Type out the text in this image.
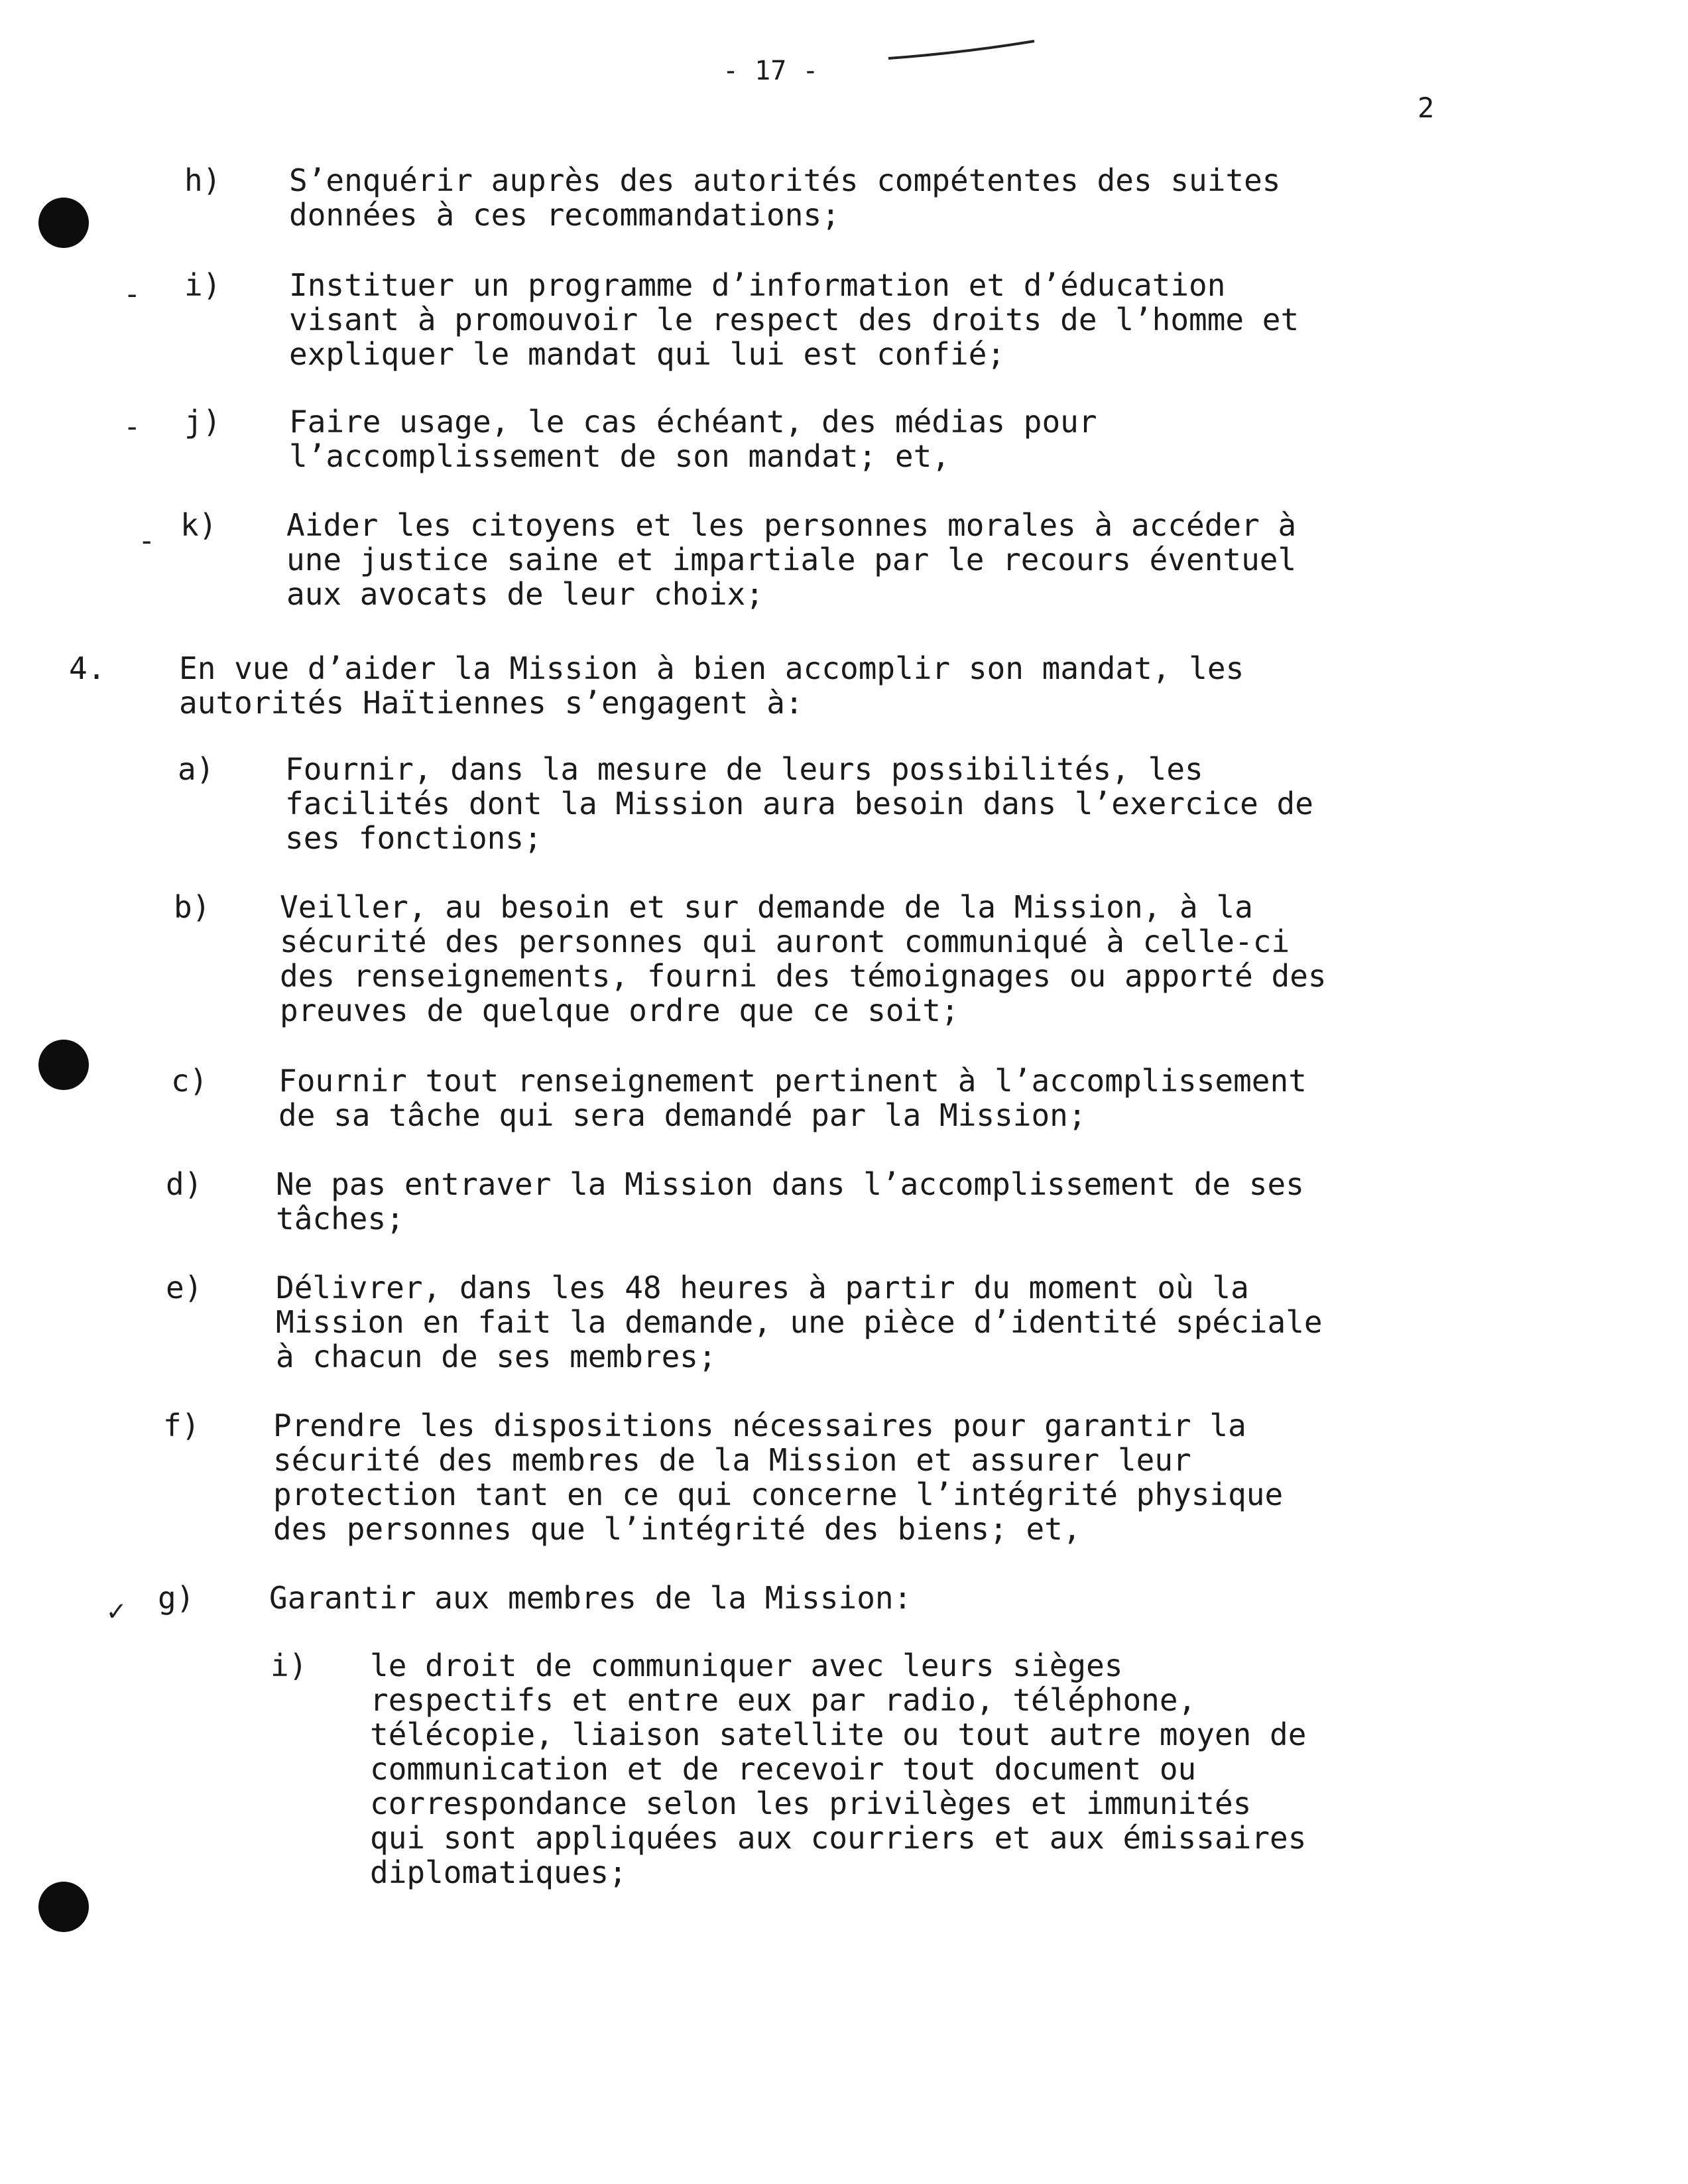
- 17 -
2
-
-
-
✓
h) S’enquérir auprès des autorités compétentes des suites
données à ces recommandations;
i) Instituer un programme d’information et d’éducation
visant à promouvoir le respect des droits de l’homme et
expliquer le mandat qui lui est confié;
j) Faire usage, le cas échéant, des médias pour
l’accomplissement de son mandat; et,
k) Aider les citoyens et les personnes morales à accéder à
une justice saine et impartiale par le recours éventuel
aux avocats de leur choix;
4. En vue d’aider la Mission à bien accomplir son mandat, les
autorités Haïtiennes s’engagent à:
a) Fournir, dans la mesure de leurs possibilités, les
facilités dont la Mission aura besoin dans l’exercice de
ses fonctions;
b) Veiller, au besoin et sur demande de la Mission, à la
sécurité des personnes qui auront communiqué à celle-ci
des renseignements, fourni des témoignages ou apporté des
preuves de quelque ordre que ce soit;
c) Fournir tout renseignement pertinent à l’accomplissement
de sa tâche qui sera demandé par la Mission;
d) Ne pas entraver la Mission dans l’accomplissement de ses
tâches;
e) Délivrer, dans les 48 heures à partir du moment où la
Mission en fait la demande, une pièce d’identité spéciale
à chacun de ses membres;
f) Prendre les dispositions nécessaires pour garantir la
sécurité des membres de la Mission et assurer leur
protection tant en ce qui concerne l’intégrité physique
des personnes que l’intégrité des biens; et,
g) Garantir aux membres de la Mission:
i) le droit de communiquer avec leurs sièges
respectifs et entre eux par radio, téléphone,
télécopie, liaison satellite ou tout autre moyen de
communication et de recevoir tout document ou
correspondance selon les privilèges et immunités
qui sont appliquées aux courriers et aux émissaires
diplomatiques;
